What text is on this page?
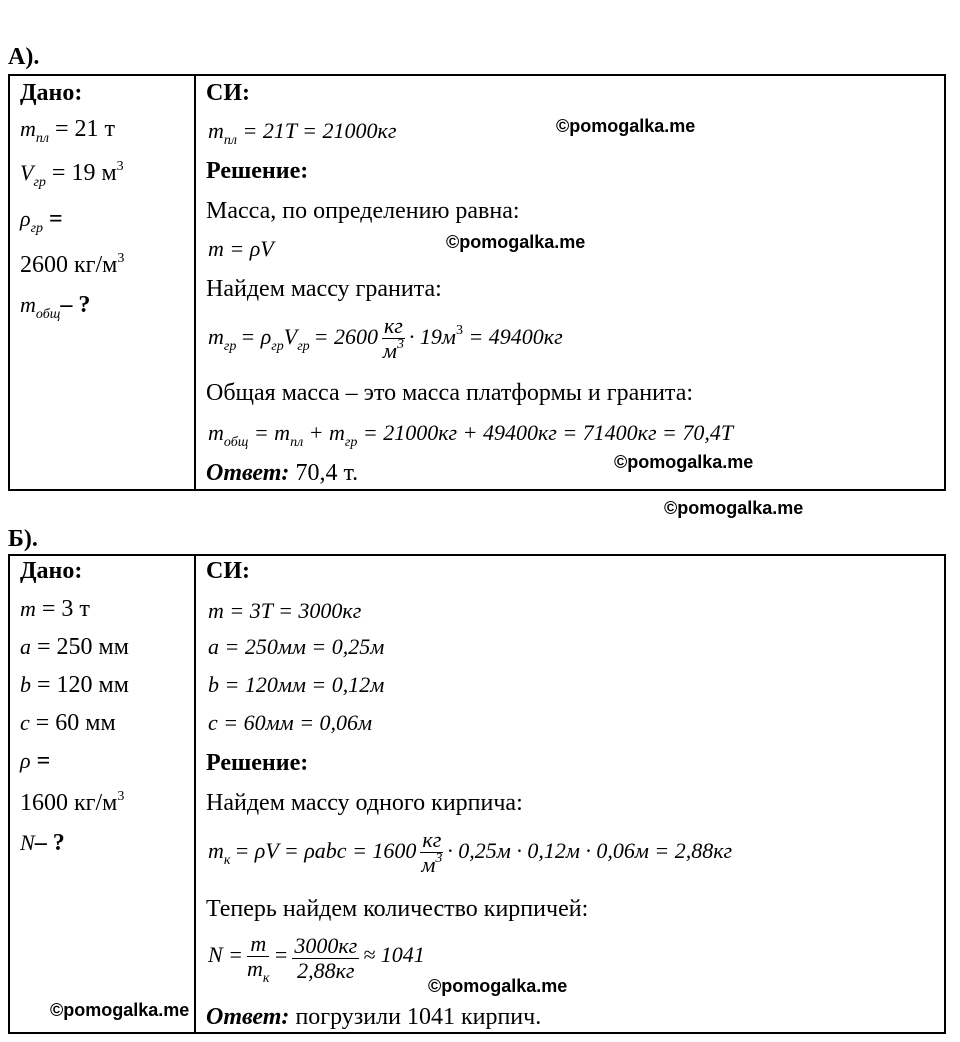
А).
Дано:
$m_{пл} = 21$ т
$V_{гр} = 19$ $м^3$
$\rho_{гр}$ =
2600 $кг/м^3$
$m_{общ}-$ ?
СИ:
mпл = 21T = 21000кг
Решение:
Масса, по определению равна:
m = ρV
Найдем массу гранита:
mгр = ρгрVгр = $2600 \frac{кг}{м^3} \cdot 19м3 = 49400кг$
Общая масса – это масса платформы и гранита:
mобщ = mпл + mгр = 21000кг + 49400кг = 71400кг = 70,4T
Ответ: 70,4 т.
Б).
Дано:
m = 3 т
a = 250 мм
b = 120 мм
c = 60 мм
ρ =
1600 $кг/м^3$
N– ?
СИ:
m = 3T = 3000кг
a = 250мм = 0,25м
b = 120мм = 0,12м
c = 60мм = 0,06м
Решение:
Найдем массу одного кирпича:
mк = $\rho V = \rho abc = 1600 \frac{кг}{м^3} \cdot 0,25м \cdot 0,12м \cdot 0,06м = 2,88кг$
Теперь найдем количество кирпичей:
$N = \frac{m}{m_к} = \frac{3000кг}{2,88кг} \approx 1041$
Ответ: погрузили 1041 кирпич.
©pomogalka.me
©pomogalka.me
©pomogalka.me
©pomogalka.me
©pomogalka.me
©pomogalka.me
